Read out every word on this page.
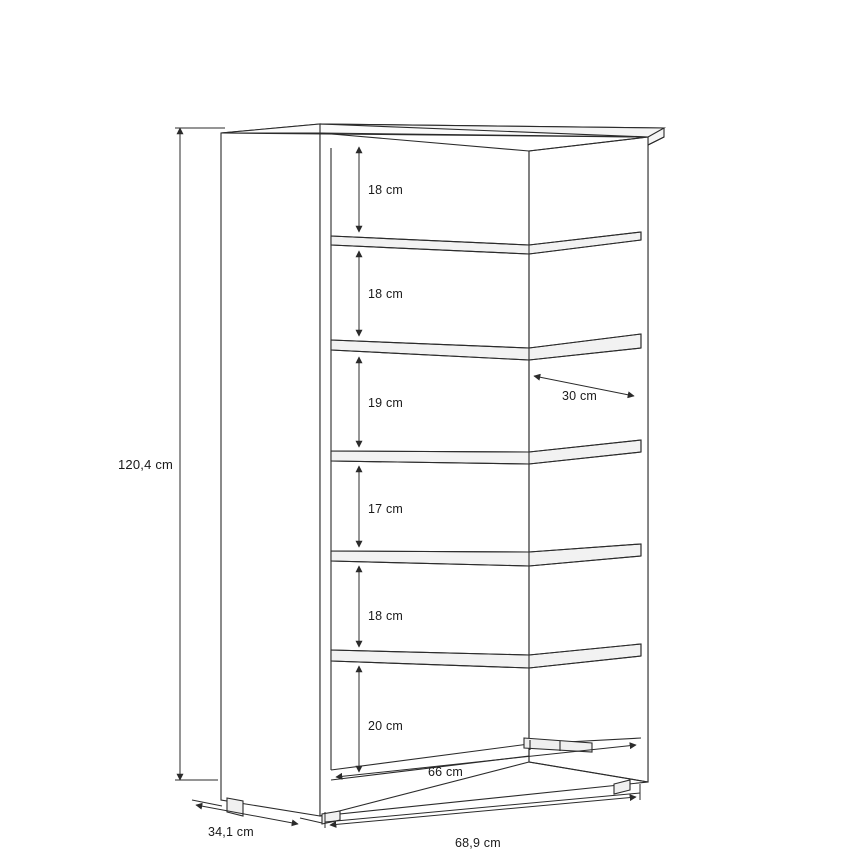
120,4 cm
18 cm
18 cm
19 cm
17 cm
18 cm
20 cm
30 cm
66 cm
34,1 cm
68,9 cm
